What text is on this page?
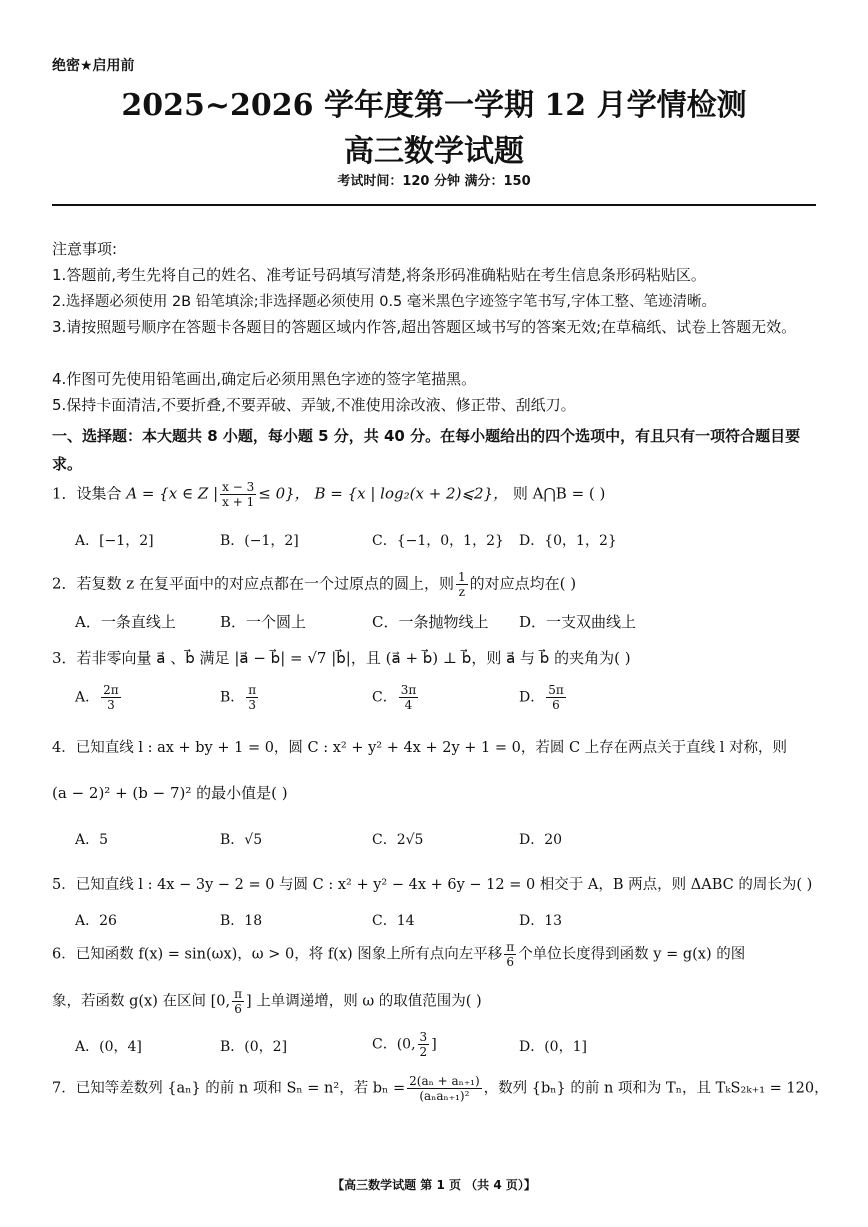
绝密★启用前
2025~2026 学年度第一学期 12 月学情检测
高三数学试题
考试时间：120 分钟 满分：150
注意事项:
1.答题前,考生先将自己的姓名、准考证号码填写清楚,将条形码准确粘贴在考生信息条形码粘贴区。
2.选择题必须使用 2B 铅笔填涂;非选择题必须使用 0.5 毫米黑色字迹签字笔书写,字体工整、笔迹清晰。
3.请按照题号顺序在答题卡各题目的答题区域内作答,超出答题区域书写的答案无效;在草稿纸、试卷上答题无效。
4.作图可先使用铅笔画出,确定后必须用黑色字迹的签字笔描黑。
5.保持卡面清洁,不要折叠,不要弄破、弄皱,不准使用涂改液、修正带、刮纸刀。
一、选择题：本大题共 8 小题，每小题 5 分，共 40 分。在每小题给出的四个选项中，有且只有一项符合题目要求。
1．设集合 A = {x ∈ Z | $\frac{x - 3}{x + 1} \le 0$}， B = {x | log₂(x + 2)⩽2}， 则 A⋂B = ( )
A．[−1，2]	B．(−1，2]	C．{−1，0，1，2} D．{0，1，2}
2．若复数 z 在复平面中的对应点都在一个过原点的圆上，则 $\frac{1}{z}$ 的对应点均在( )
A．一条直线上	B．一个圆上	C．一条抛物线上 D．一支双曲线上
3．若非零向量 a⃗ 、b⃗ 满足 |a⃗ − b⃗| = √7 |b⃗|，且 (a⃗ + b⃗) ⊥ b⃗，则 a⃗ 与 b⃗ 的夹角为( )
A． $\frac{2\pi}{3}$	B． $\frac{\pi}{3}$	C． $\frac{3\pi}{4}$	D． $\frac{5\pi}{6}$
4．已知直线 l : ax + by + 1 = 0，圆 C : x² + y² + 4x + 2y + 1 = 0，若圆 C 上存在两点关于直线 l 对称，则
(a − 2)² + (b − 7)² 的最小值是( )
A．5	B．√5	C．2√5	D．20
5．已知直线 l : 4x − 3y − 2 = 0 与圆 C : x² + y² − 4x + 6y − 12 = 0 相交于 A，B 两点，则 ΔABC 的周长为( )
A．26	B．18	C．14	D．13
6．已知函数 f(x) = sin(ωx)，ω > 0，将 f(x) 图象上所有点向左平移 $\frac{\pi}{6}$ 个单位长度得到函数 y = g(x) 的图
象，若函数 g(x) 在区间 [0, $\frac{\pi}{6}$ ] 上单调递增，则 ω 的取值范围为( )
A．(0，4]	B．(0，2]	C．(0, $\frac{3}{2}$ ]	D．(0，1]
7．已知等差数列 {aₙ} 的前 n 项和 Sₙ = n²，若 $b_n = \frac{\text{2(aₙ + aₙ₊₁)}}{\text{(aₙaₙ₊₁)²}}$ ，数列 {bₙ} 的前 n 项和为 Tₙ，且 TₖS₂ₖ₊₁ = 120，
【高三数学试题 第 1 页 （共 4 页）】
